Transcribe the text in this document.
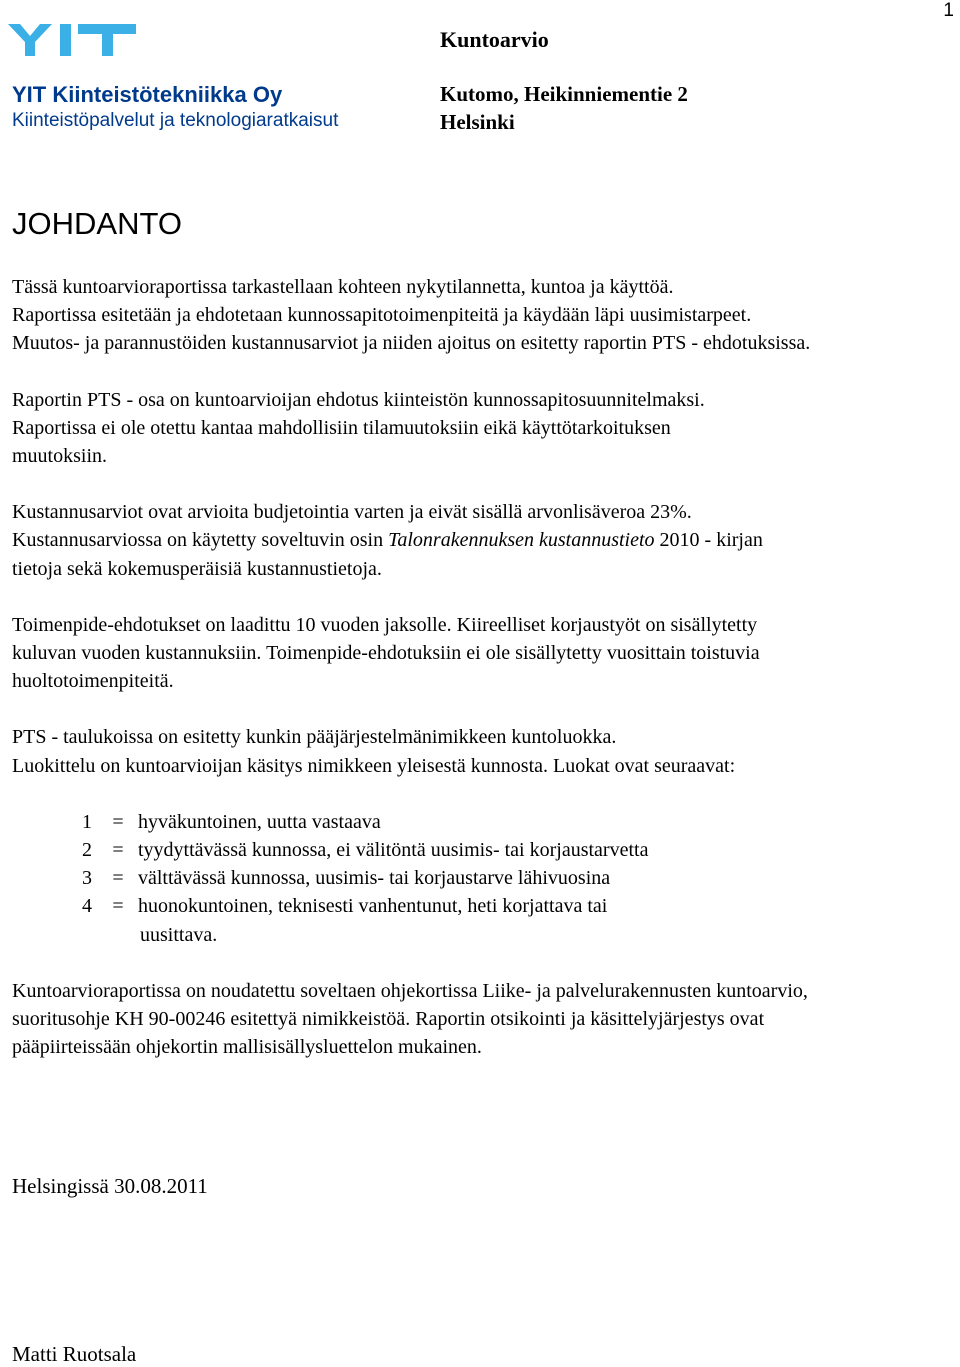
1
YIT Kiinteistötekniikka Oy
Kiinteistöpalvelut ja teknologiaratkaisut
Kuntoarvio
Kutomo, Heikinniementie 2
Helsinki
JOHDANTO

Tässä kuntoarvioraportissa tarkastellaan kohteen nykytilannetta, kuntoa ja käyttöä.
Raportissa esitetään ja ehdotetaan kunnossapitotoimenpiteitä ja käydään läpi uusimistarpeet.
Muutos- ja parannustöiden kustannusarviot ja niiden ajoitus on esitetty raportin PTS - ehdotuksissa.

Raportin PTS - osa on kuntoarvioijan ehdotus kiinteistön kunnossapitosuunnitelmaksi.
Raportissa ei ole otettu kantaa mahdollisiin tilamuutoksiin eikä käyttötarkoituksen
muutoksiin.

Kustannusarviot ovat arvioita budjetointia varten ja eivät sisällä arvonlisäveroa 23%.
Kustannusarviossa on käytetty soveltuvin osin Talonrakennuksen kustannustieto 2010 - kirjan
tietoja sekä kokemusperäisiä kustannustietoja.

Toimenpide-ehdotukset on laadittu 10 vuoden jaksolle. Kiireelliset korjaustyöt on sisällytetty
kuluvan vuoden kustannuksiin. Toimenpide-ehdotuksiin ei ole sisällytetty vuosittain toistuvia
huoltotoimenpiteitä.

PTS - taulukoissa on esitetty kunkin pääjärjestelmänimikkeen kuntoluokka.
Luokittelu on kuntoarvioijan käsitys nimikkeen yleisestä kunnosta. Luokat ovat seuraavat:

1	= hyväkuntoinen, uutta vastaava
2	= tyydyttävässä kunnossa, ei välitöntä uusimis- tai korjaustarvetta
3	= välttävässä kunnossa, uusimis- tai korjaustarve lähivuosina
4	= huonokuntoinen, teknisesti vanhentunut, heti korjattava tai
uusittava.

Kuntoarvioraportissa on noudatettu soveltaen ohjekortissa Liike- ja palvelurakennusten kuntoarvio,
suoritusohje KH 90-00246 esitettyä nimikkeistöä. Raportin otsikointi ja käsittelyjärjestys ovat
pääpiirteissään ohjekortin mallisisällysluettelon mukainen.

Helsingissä 30.08.2011
Matti Ruotsala
